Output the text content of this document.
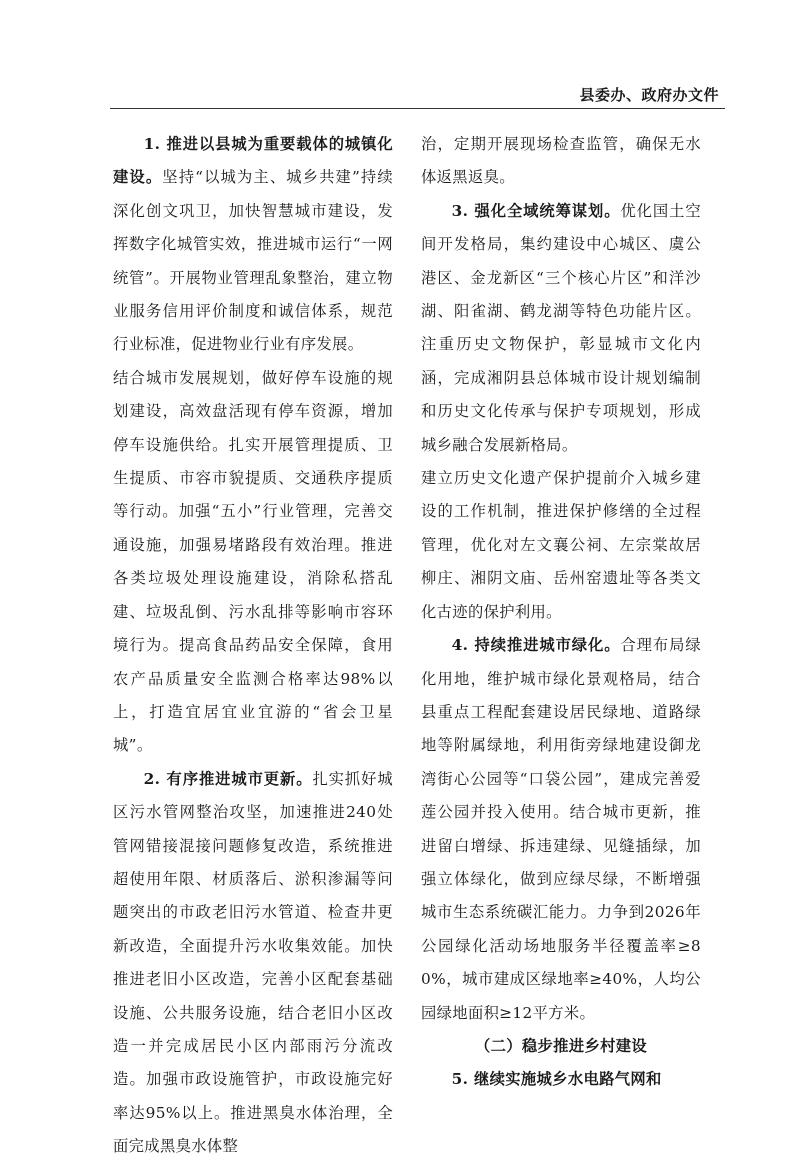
县委办、政府办文件

1. 推进以县城为重要载体的城镇化建设。坚持“以城为主、城乡共建”持续深化创文巩卫，加快智慧城市建设，发挥数字化城管实效，推进城市运行“一网统管”。开展物业管理乱象整治，建立物业服务信用评价制度和诚信体系，规范行业标准，促进物业行业有序发展。

结合城市发展规划，做好停车设施的规划建设，高效盘活现有停车资源，增加停车设施供给。扎实开展管理提质、卫生提质、市容市貌提质、交通秩序提质等行动。加强“五小”行业管理，完善交通设施，加强易堵路段有效治理。推进各类垃圾处理设施建设，消除私搭乱建、垃圾乱倒、污水乱排等影响市容环境行为。提高食品药品安全保障，食用农产品质量安全监测合格率达98%以上，打造宜居宜业宜游的“省会卫星城”。

2. 有序推进城市更新。扎实抓好城区污水管网整治攻坚，加速推进240处管网错接混接问题修复改造，系统推进超使用年限、材质落后、淤积渗漏等问题突出的市政老旧污水管道、检查井更新改造，全面提升污水收集效能。加快推进老旧小区改造，完善小区配套基础设施、公共服务设施，结合老旧小区改造一并完成居民小区内部雨污分流改造。加强市政设施管护，市政设施完好率达95%以上。推进黑臭水体治理，全面完成黑臭水体整

治，定期开展现场检查监管，确保无水体返黑返臭。

3. 强化全域统筹谋划。优化国土空间开发格局，集约建设中心城区、虞公港区、金龙新区“三个核心片区”和洋沙湖、阳雀湖、鹤龙湖等特色功能片区。注重历史文物保护，彰显城市文化内涵，完成湘阴县总体城市设计规划编制和历史文化传承与保护专项规划，形成城乡融合发展新格局。

建立历史文化遗产保护提前介入城乡建设的工作机制，推进保护修缮的全过程管理，优化对左文襄公祠、左宗棠故居柳庄、湘阴文庙、岳州窑遗址等各类文化古迹的保护利用。

4. 持续推进城市绿化。合理布局绿化用地，维护城市绿化景观格局，结合县重点工程配套建设居民绿地、道路绿地等附属绿地，利用街旁绿地建设御龙湾街心公园等“口袋公园”，建成完善爱莲公园并投入使用。结合城市更新，推进留白增绿、拆违建绿、见缝插绿，加强立体绿化，做到应绿尽绿，不断增强城市生态系统碳汇能力。力争到2026年公园绿化活动场地服务半径覆盖率≥80%，城市建成区绿地率≥40%，人均公园绿地面积≥12平方米。

（二）稳步推进乡村建设

5. 继续实施城乡水电路气网和
